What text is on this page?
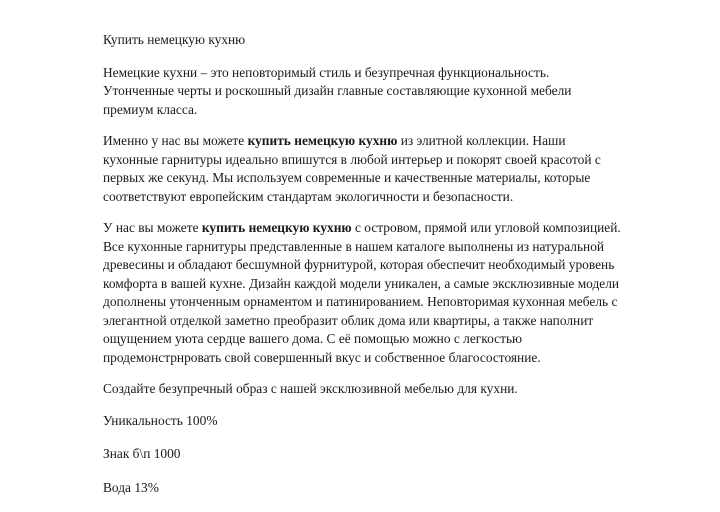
Купить немецкую кухню

Немецкие кухни – это неповторимый стиль и безупречная функциональность.
Утонченные черты и роскошный дизайн главные составляющие кухонной мебели
премиум класса.

Именно у нас вы можете купить немецкую кухню из элитной коллекции. Наши
кухонные гарнитуры идеально впишутся в любой интерьер и покорят своей красотой с
первых же секунд. Мы используем современные и качественные материалы, которые
соответствуют европейским стандартам экологичности и безопасности.

У нас вы можете купить немецкую кухню с островом, прямой или угловой композицией.
Все кухонные гарнитуры представленные в нашем каталоге выполнены из натуральной
древесины и обладают бесшумной фурнитурой, которая обеспечит необходимый уровень
комфорта в вашей кухне. Дизайн каждой модели уникален, а самые эксклюзивные модели
дополнены утонченным орнаментом и патинированием. Неповторимая кухонная мебель с
элегантной отделкой заметно преобразит облик дома или квартиры, а также наполнит
ощущением уюта сердце вашего дома. С её помощью можно с легкостью
продемонстрнровать свой совершенный вкус и собственное благосостояние.

Создайте безупречный образ с нашей эксклюзивной мебелью для кухни.

Уникальность 100%

Знак б\п 1000

Вода 13%
